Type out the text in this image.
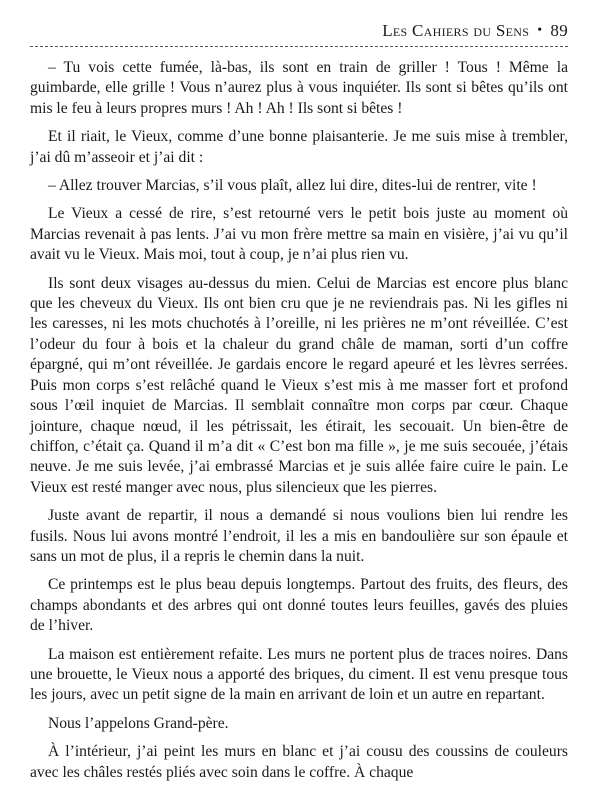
Les Cahiers du Sens • 89

– Tu vois cette fumée, là-bas, ils sont en train de griller ! Tous ! Même la guimbarde, elle grille ! Vous n’aurez plus à vous inquiéter. Ils sont si bêtes qu’ils ont mis le feu à leurs propres murs ! Ah ! Ah ! Ils sont si bêtes !

Et il riait, le Vieux, comme d’une bonne plaisanterie. Je me suis mise à trembler, j’ai dû m’asseoir et j’ai dit :

– Allez trouver Marcias, s’il vous plaît, allez lui dire, dites-lui de rentrer, vite !

Le Vieux a cessé de rire, s’est retourné vers le petit bois juste au moment où Marcias revenait à pas lents. J’ai vu mon frère mettre sa main en visière, j’ai vu qu’il avait vu le Vieux. Mais moi, tout à coup, je n’ai plus rien vu.

Ils sont deux visages au-dessus du mien. Celui de Marcias est encore plus blanc que les cheveux du Vieux. Ils ont bien cru que je ne reviendrais pas. Ni les gifles ni les caresses, ni les mots chuchotés à l’oreille, ni les prières ne m’ont réveillée. C’est l’odeur du four à bois et la chaleur du grand châle de maman, sorti d’un coffre épargné, qui m’ont réveillée. Je gardais encore le regard apeuré et les lèvres serrées. Puis mon corps s’est relâché quand le Vieux s’est mis à me masser fort et profond sous l’œil inquiet de Marcias. Il semblait connaître mon corps par cœur. Chaque jointure, chaque nœud, il les pétrissait, les étirait, les secouait. Un bien-être de chiffon, c’était ça. Quand il m’a dit « C’est bon ma fille », je me suis secouée, j’étais neuve. Je me suis levée, j’ai embrassé Marcias et je suis allée faire cuire le pain. Le Vieux est resté manger avec nous, plus silencieux que les pierres.

Juste avant de repartir, il nous a demandé si nous voulions bien lui rendre les fusils. Nous lui avons montré l’endroit, il les a mis en bandoulière sur son épaule et sans un mot de plus, il a repris le chemin dans la nuit.

Ce printemps est le plus beau depuis longtemps. Partout des fruits, des fleurs, des champs abondants et des arbres qui ont donné toutes leurs feuilles, gavés des pluies de l’hiver.

La maison est entièrement refaite. Les murs ne portent plus de traces noires. Dans une brouette, le Vieux nous a apporté des briques, du ciment. Il est venu presque tous les jours, avec un petit signe de la main en arrivant de loin et un autre en repartant.

Nous l’appelons Grand-père.

À l’intérieur, j’ai peint les murs en blanc et j’ai cousu des coussins de couleurs avec les châles restés pliés avec soin dans le coffre. À chaque
